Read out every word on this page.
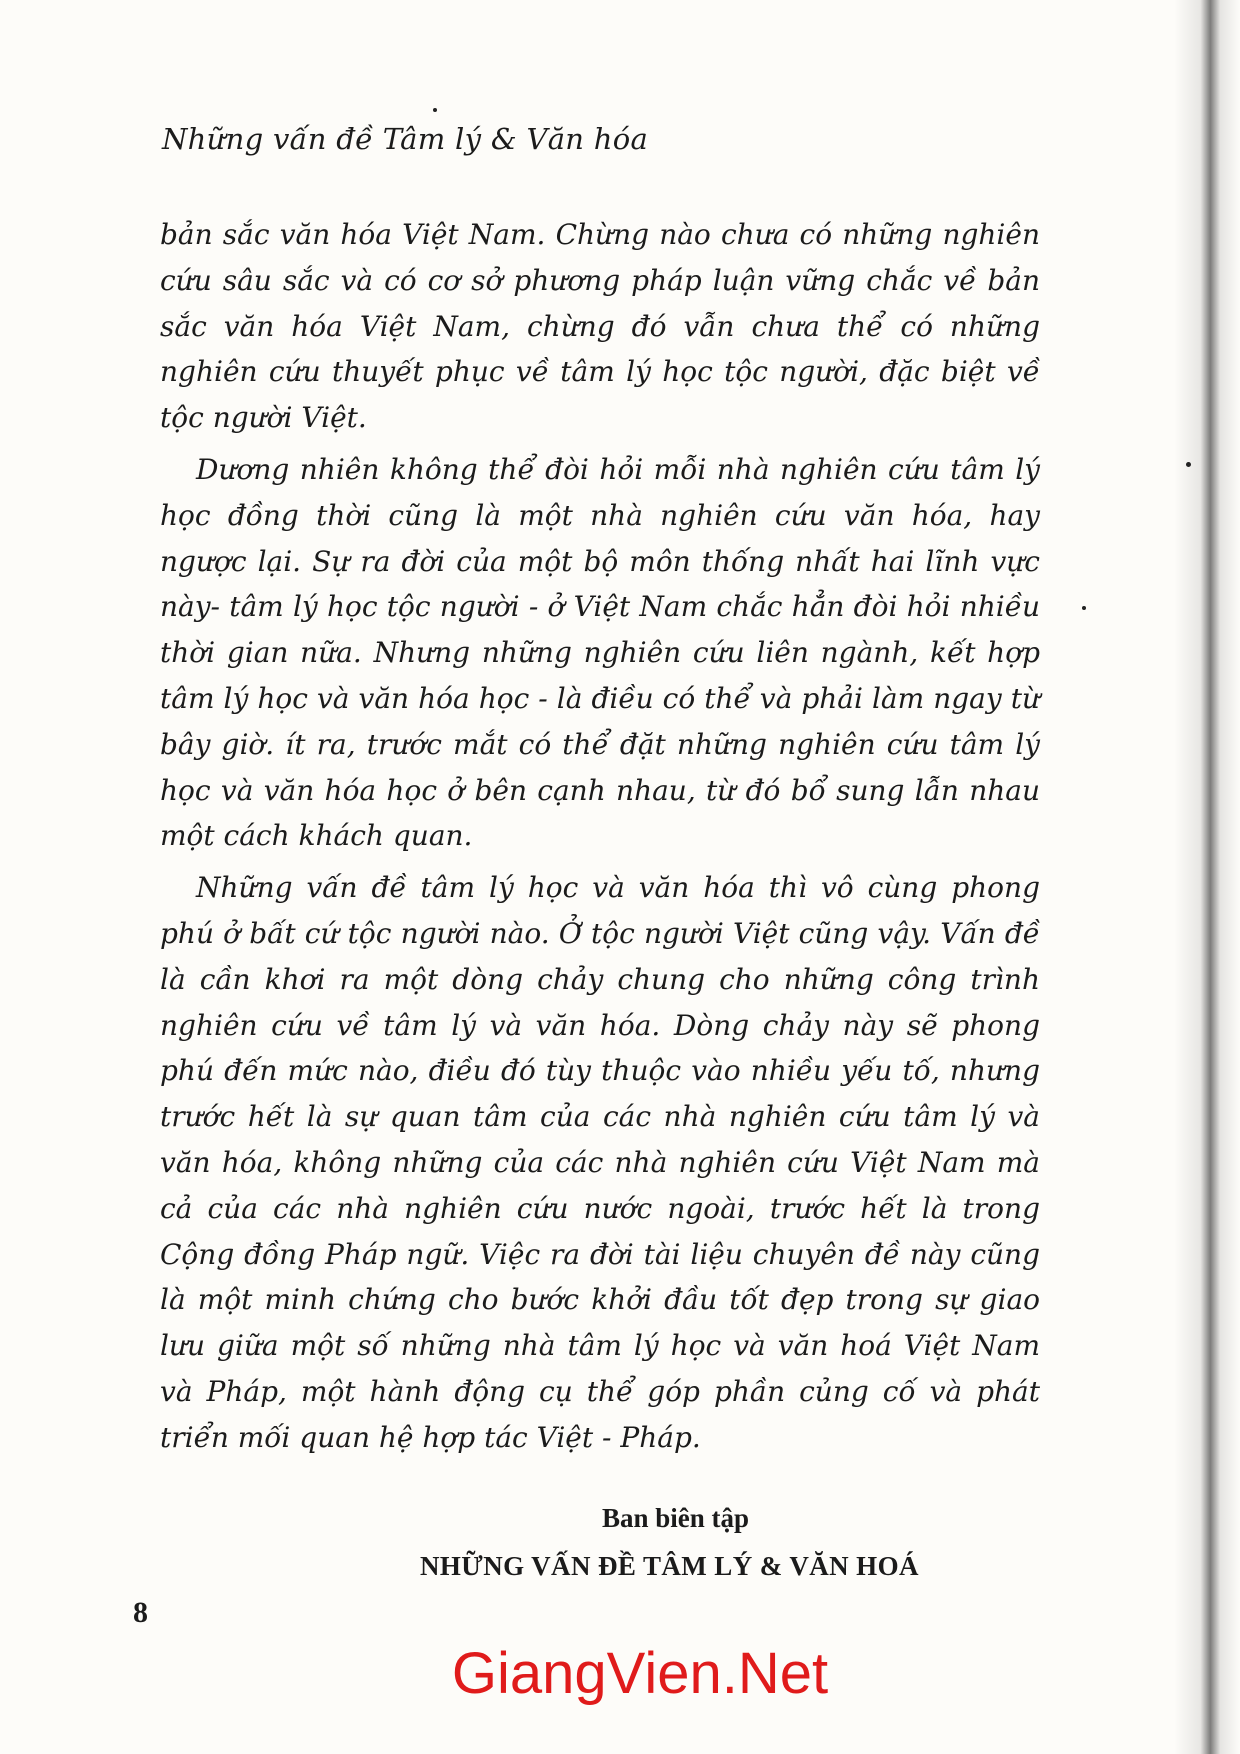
Những vấn đề Tâm lý & Văn hóa

bản sắc văn hóa Việt Nam. Chừng nào chưa có những nghiên cứu sâu sắc và có cơ sở phương pháp luận vững chắc về bản sắc văn hóa Việt Nam, chừng đó vẫn chưa thể có những nghiên cứu thuyết phục về tâm lý học tộc người, đặc biệt về tộc người Việt.

Dương nhiên không thể đòi hỏi mỗi nhà nghiên cứu tâm lý học đồng thời cũng là một nhà nghiên cứu văn hóa, hay ngược lại. Sự ra đời của một bộ môn thống nhất hai lĩnh vực này- tâm lý học tộc người - ở Việt Nam chắc hẳn đòi hỏi nhiều thời gian nữa. Nhưng những nghiên cứu liên ngành, kết hợp tâm lý học và văn hóa học - là điều có thể và phải làm ngay từ bây giờ. ít ra, trước mắt có thể đặt những nghiên cứu tâm lý học và văn hóa học ở bên cạnh nhau, từ đó bổ sung lẫn nhau một cách khách quan.

Những vấn đề tâm lý học và văn hóa thì vô cùng phong phú ở bất cứ tộc người nào. Ở tộc người Việt cũng vậy. Vấn đề là cần khơi ra một dòng chảy chung cho những công trình nghiên cứu về tâm lý và văn hóa. Dòng chảy này sẽ phong phú đến mức nào, điều đó tùy thuộc vào nhiều yếu tố, nhưng trước hết là sự quan tâm của các nhà nghiên cứu tâm lý và văn hóa, không những của các nhà nghiên cứu Việt Nam mà cả của các nhà nghiên cứu nước ngoài, trước hết là trong Cộng đồng Pháp ngữ. Việc ra đời tài liệu chuyên đề này cũng là một minh chứng cho bước khởi đầu tốt đẹp trong sự giao lưu giữa một số những nhà tâm lý học và văn hoá Việt Nam và Pháp, một hành động cụ thể góp phần củng cố và phát triển mối quan hệ hợp tác Việt - Pháp.

Ban biên tập
NHỮNG VẤN ĐỀ TÂM LÝ & VĂN HOÁ
8
GiangVien.Net
